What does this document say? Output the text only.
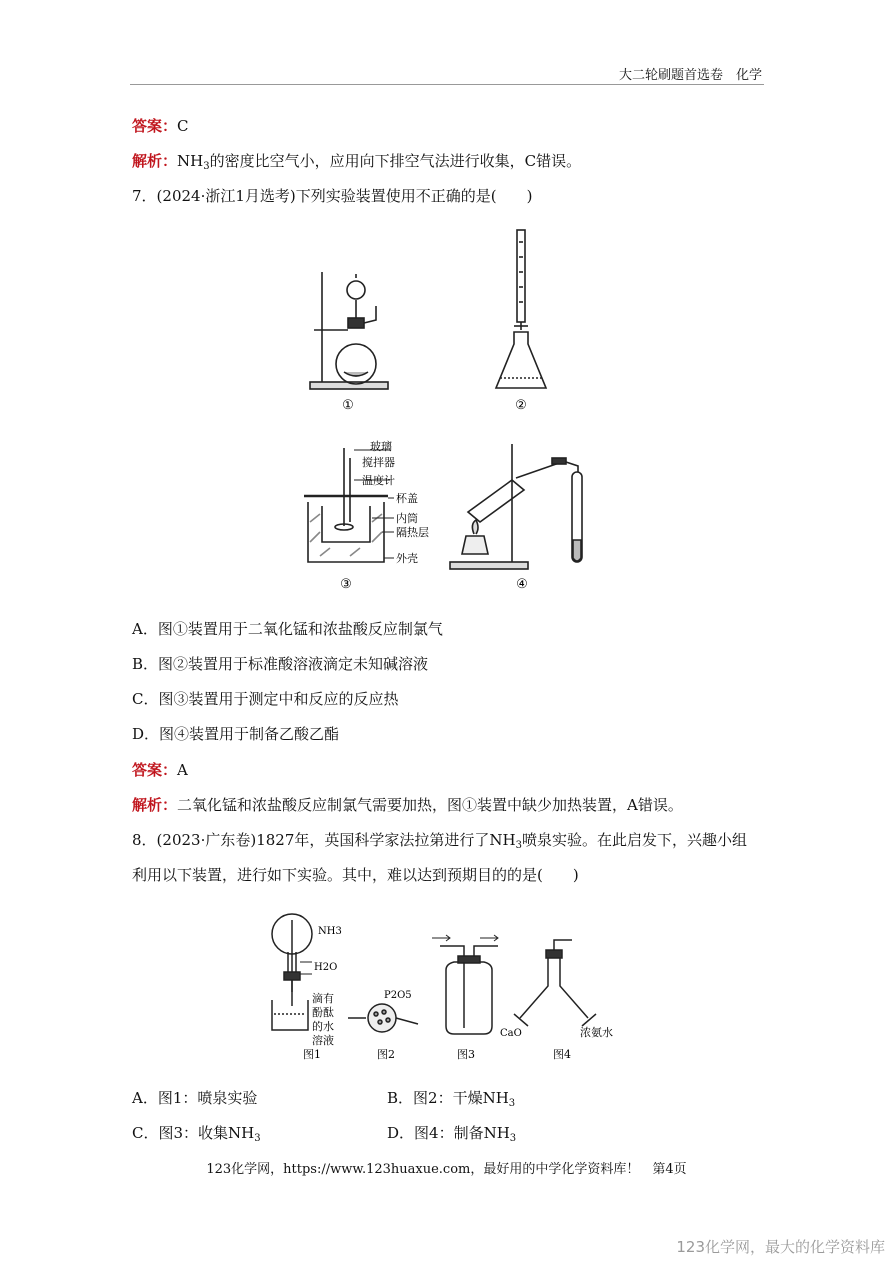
大二轮刷题首选卷　化学
答案：C
解析：$NH_3$的密度比空气小，应用向下排空气法进行收集，C错误。
7．(2024·浙江1月选考)下列实验装置使用不正确的是(　　)
①	②
③	④
玻璃
搅拌器
温度计
杯盖
内筒
隔热层
外壳
A．图①装置用于二氧化锰和浓盐酸反应制氯气
B．图②装置用于标准酸溶液滴定未知碱溶液
C．图③装置用于测定中和反应的反应热
D．图④装置用于制备乙酸乙酯
答案：A
解析：二氧化锰和浓盐酸反应制氯气需要加热，图①装置中缺少加热装置，A错误。
8．(2023·广东卷)1827年，英国科学家法拉第进行了$NH_3$喷泉实验。在此启发下，兴趣小组
利用以下装置，进行如下实验。其中，难以达到预期目的的是(　　)
NH3
H2O
滴有
酚酞
的水
溶液
P2O5
CaO	浓氨水
图1	图2	图3	图4
A．图1：喷泉实验	B．图2：干燥$NH_3$
C．图3：收集$NH_3$	D．图4：制备$NH_3$
123化学网，https://www.123huaxue.com，最好用的中学化学资料库！　第4页
123化学网，最大的化学资料库
